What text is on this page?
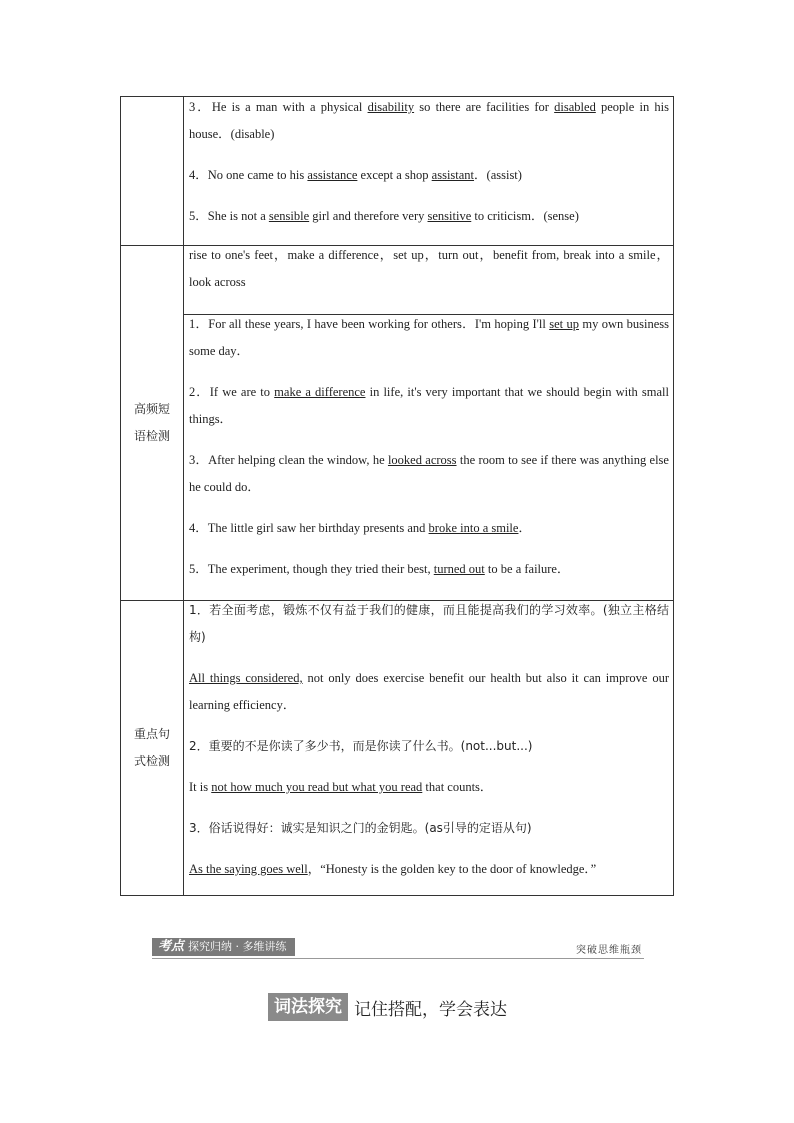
3．He is a man with a physical disability so there are facilities for disabled people in his house．(disable)

4．No one came to his assistance except a shop assistant．(assist)

5．She is not a sensible girl and therefore very sensitive to criticism．(sense)

高频短语检测

rise to one's feet，make a difference，set up，turn out，benefit from, break into a smile，look across

1．For all these years, I have been working for others．I'm hoping I'll set up my own business some day．

2．If we are to make a difference in life, it's very important that we should begin with small things．

3．After helping clean the window, he looked across the room to see if there was anything else he could do．

4．The little girl saw her birthday presents and broke into a smile．

5．The experiment, though they tried their best, turned out to be a failure．

重点句式检测

1．若全面考虑，锻炼不仅有益于我们的健康，而且能提高我们的学习效率。(独立主格结构)

All things considered, not only does exercise benefit our health but also it can improve our learning efficiency．

2．重要的不是你读了多少书，而是你读了什么书。(not...but...)

It is not how much you read but what you read that counts．

3．俗话说得好：诚实是知识之门的金钥匙。(as引导的定语从句)

As the saying goes well，“Honesty is the golden key to the door of knowledge．”

考点 探究归纳 · 多维讲练	突破思维瓶颈
词法探究 记住搭配，学会表达
